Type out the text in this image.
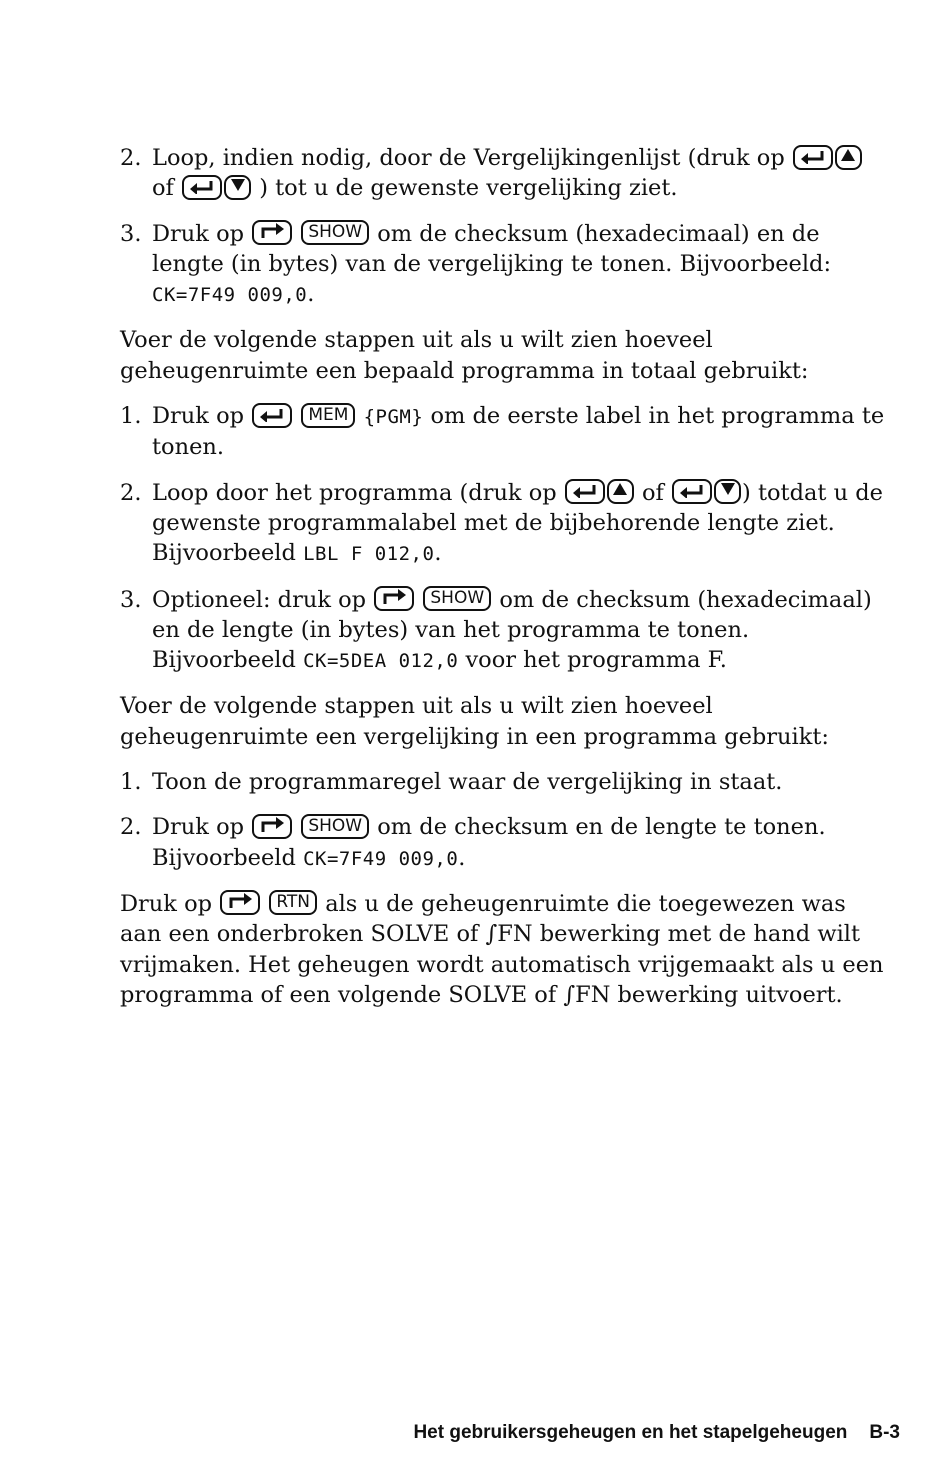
2. Loop, indien nodig, door de Vergelijkingenlijst (druk op
of	) tot u de gewenste vergelijking ziet.
3. Druk op	SHOW om de checksum (hexadecimaal) en de lengte (in bytes) van de vergelijking te tonen. Bijvoorbeeld: CK=7F49 009,0.

Voer de volgende stappen uit als u wilt zien hoeveel geheugenruimte een bepaald programma in totaal gebruikt:

1. Druk op	MEM {PGM} om de eerste label in het programma te tonen.
2. Loop door het programma (druk op	of	) totdat u de gewenste programmalabel met de bijbehorende lengte ziet. Bijvoorbeeld LBL F 012,0.
3. Optioneel: druk op	SHOW om de checksum (hexadecimaal) en de lengte (in bytes) van het programma te tonen. Bijvoorbeeld CK=5DEA 012,0 voor het programma F.

Voer de volgende stappen uit als u wilt zien hoeveel geheugenruimte een vergelijking in een programma gebruikt:

1. Toon de programmaregel waar de vergelijking in staat.
2. Druk op	SHOW om de checksum en de lengte te tonen. Bijvoorbeeld CK=7F49 009,0.

Druk op	RTN als u de geheugenruimte die toegewezen was aan een onderbroken SOLVE of ∫FN bewerking met de hand wilt vrijmaken. Het geheugen wordt automatisch vrijgemaakt als u een programma of een volgende SOLVE of ∫FN bewerking uitvoert.

Het gebruikersgeheugen en het stapelgeheugen B-3
